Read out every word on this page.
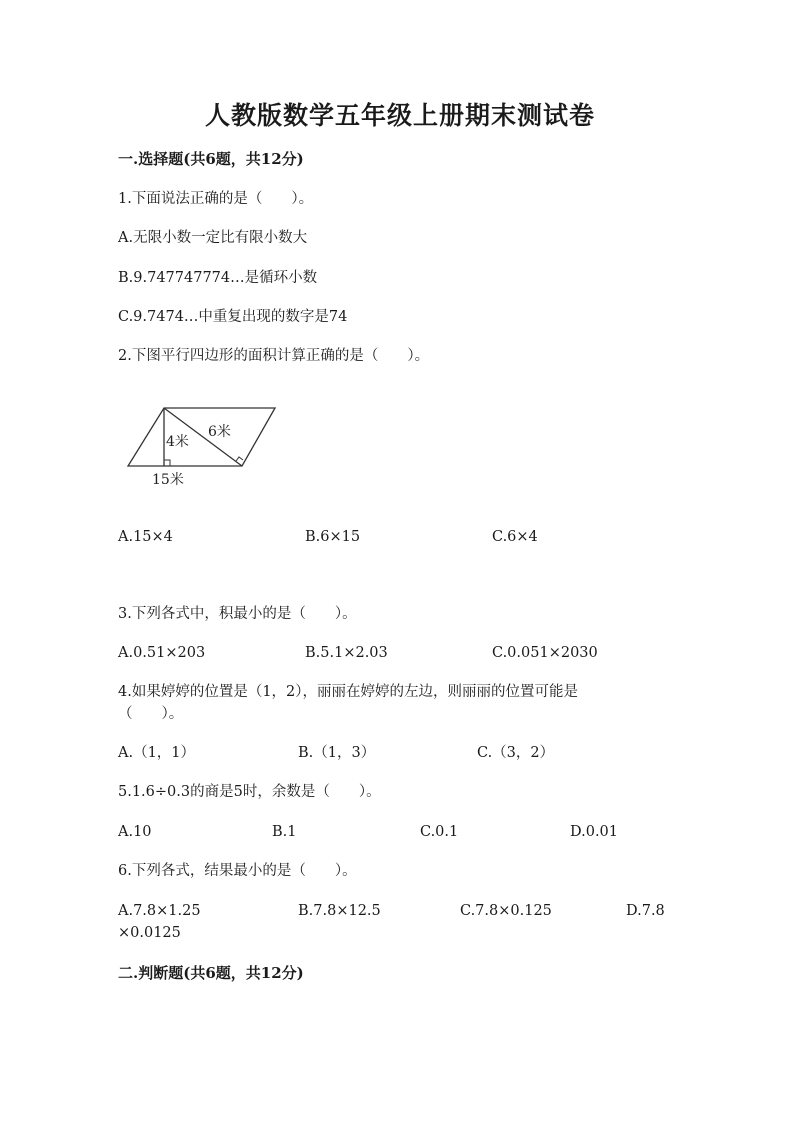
人教版数学五年级上册期末测试卷
一.选择题(共6题，共12分)
1.下面说法正确的是（　　）。
A.无限小数一定比有限小数大
B.9.747747774…是循环小数
C.9.7474…中重复出现的数字是74
2.下图平行四边形的面积计算正确的是（　　）。
4米
6米
15米
A.15×4	B.6×15	C.6×4
3.下列各式中，积最小的是（　　）。
A.0.51×203	B.5.1×2.03	C.0.051×2030
4.如果婷婷的位置是（1，2），丽丽在婷婷的左边，则丽丽的位置可能是
（　　）。
A.（1，1）	B.（1，3）	C.（3，2）
5.1.6÷0.3的商是5时，余数是（　　）。
A.10	B.1	C.0.1	D.0.01
6.下列各式，结果最小的是（　　）。
A.7.8×1.25	B.7.8×12.5	C.7.8×0.125	D.7.8
×0.0125
二.判断题(共6题，共12分)
